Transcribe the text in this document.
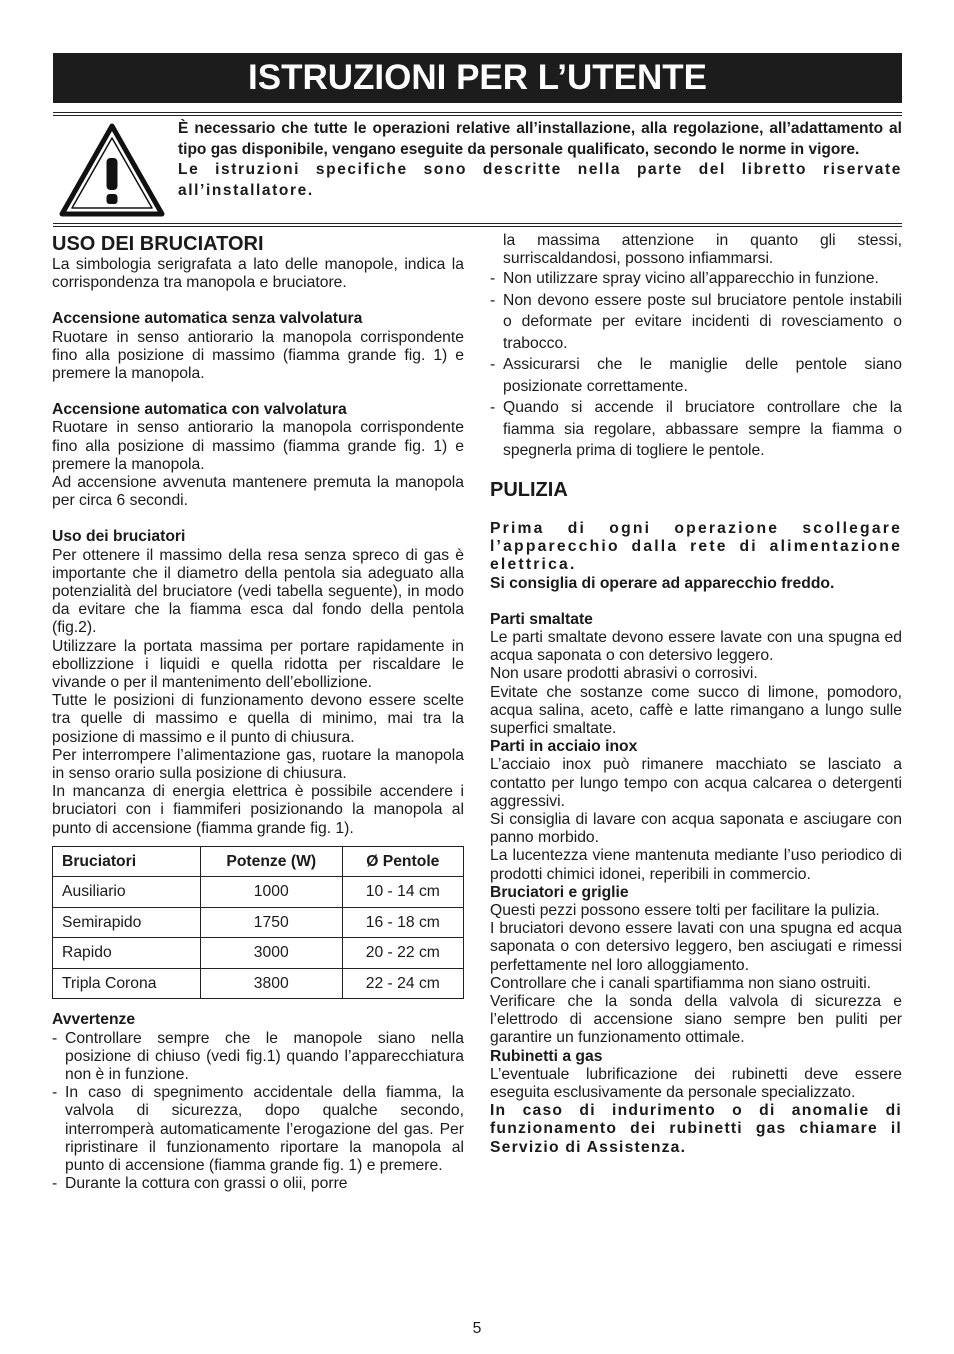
ISTRUZIONI PER L’UTENTE

È necessario che tutte le operazioni relative all’installazione, alla regolazione, all’adattamento al tipo gas disponibile, vengano eseguite da personale qualificato, secondo le norme in vigore.

Le istruzioni specifiche sono descritte nella parte del libretto riservate all’installatore.

USO DEI BRUCIATORI

La simbologia serigrafata a lato delle manopole, indica la corrispondenza tra manopola e bruciatore.

Accensione automatica senza valvolatura

Ruotare in senso antiorario la manopola corrispondente fino alla posizione di massimo (fiamma grande fig. 1) e premere la manopola.

Accensione automatica con valvolatura

Ruotare in senso antiorario la manopola corrispondente fino alla posizione di massimo (fiamma grande fig. 1) e premere la manopola.

Ad accensione avvenuta mantenere premuta la manopola per circa 6 secondi.

Uso dei bruciatori

Per ottenere il massimo della resa senza spreco di gas è importante che il diametro della pentola sia adeguato alla potenzialità del bruciatore (vedi tabella seguente), in modo da evitare che la fiamma esca dal fondo della pentola (fig.2).

Utilizzare la portata massima per portare rapidamente in ebollizzione i liquidi e quella ridotta per riscaldare le vivande o per il mantenimento dell’ebollizione.

Tutte le posizioni di funzionamento devono essere scelte tra quelle di massimo e quella di minimo, mai tra la posizione di massimo e il punto di chiusura.

Per interrompere l’alimentazione gas, ruotare la manopola in senso orario sulla posizione di chiusura.

In mancanza di energia elettrica è possibile accendere i bruciatori con i fiammiferi posizionando la manopola al punto di accensione (fiamma grande fig. 1).

Bruciatori	Potenze (W)	Ø Pentole
Ausiliario	1000	10 - 14 cm
Semirapido	1750	16 - 18 cm
Rapido	3000	20 - 22 cm
Tripla Corona	3800	22 - 24 cm

Avvertenze

- Controllare sempre che le manopole siano nella posizione di chiuso (vedi fig.1) quando l’apparecchiatura non è in funzione.
- In caso di spegnimento accidentale della fiamma, la valvola di sicurezza, dopo qualche secondo, interromperà automaticamente l’erogazione del gas. Per ripristinare il funzionamento riportare la manopola al punto di accensione (fiamma grande fig. 1) e premere.
- Durante la cottura con grassi o olii, porre

la massima attenzione in quanto gli stessi, surriscaldandosi, possono infiammarsi.

- Non utilizzare spray vicino all’apparecchio in funzione.
- Non devono essere poste sul bruciatore pentole instabili o deformate per evitare incidenti di rovesciamento o trabocco.
- Assicurarsi che le maniglie delle pentole siano posizionate correttamente.
- Quando si accende il bruciatore controllare che la fiamma sia regolare, abbassare sempre la fiamma o spegnerla prima di togliere le pentole.
PULIZIA

Prima di ogni operazione scollegare l’apparecchio dalla rete di alimentazione elettrica.

Si consiglia di operare ad apparecchio freddo.

Parti smaltate

Le parti smaltate devono essere lavate con una spugna ed acqua saponata o con detersivo leggero.

Non usare prodotti abrasivi o corrosivi.

Evitate che sostanze come succo di limone, pomodoro, acqua salina, aceto, caffè e latte rimangano a lungo sulle superfici smaltate.

Parti in acciaio inox

L’acciaio inox può rimanere macchiato se lasciato a contatto per lungo tempo con acqua calcarea o detergenti aggressivi.

Si consiglia di lavare con acqua saponata e asciugare con panno morbido.

La lucentezza viene mantenuta mediante l’uso periodico di prodotti chimici idonei, reperibili in commercio.

Bruciatori e griglie

Questi pezzi possono essere tolti per facilitare la pulizia.

I bruciatori devono essere lavati con una spugna ed acqua saponata o con detersivo leggero, ben asciugati e rimessi perfettamente nel loro alloggiamento.

Controllare che i canali spartifiamma non siano ostruiti.

Verificare che la sonda della valvola di sicurezza e l’elettrodo di accensione siano sempre ben puliti per garantire un funzionamento ottimale.

Rubinetti a gas

L’eventuale lubrificazione dei rubinetti deve essere eseguita esclusivamente da personale specializzato.

In caso di indurimento o di anomalie di funzionamento dei rubinetti gas chiamare il Servizio di Assistenza.

5
